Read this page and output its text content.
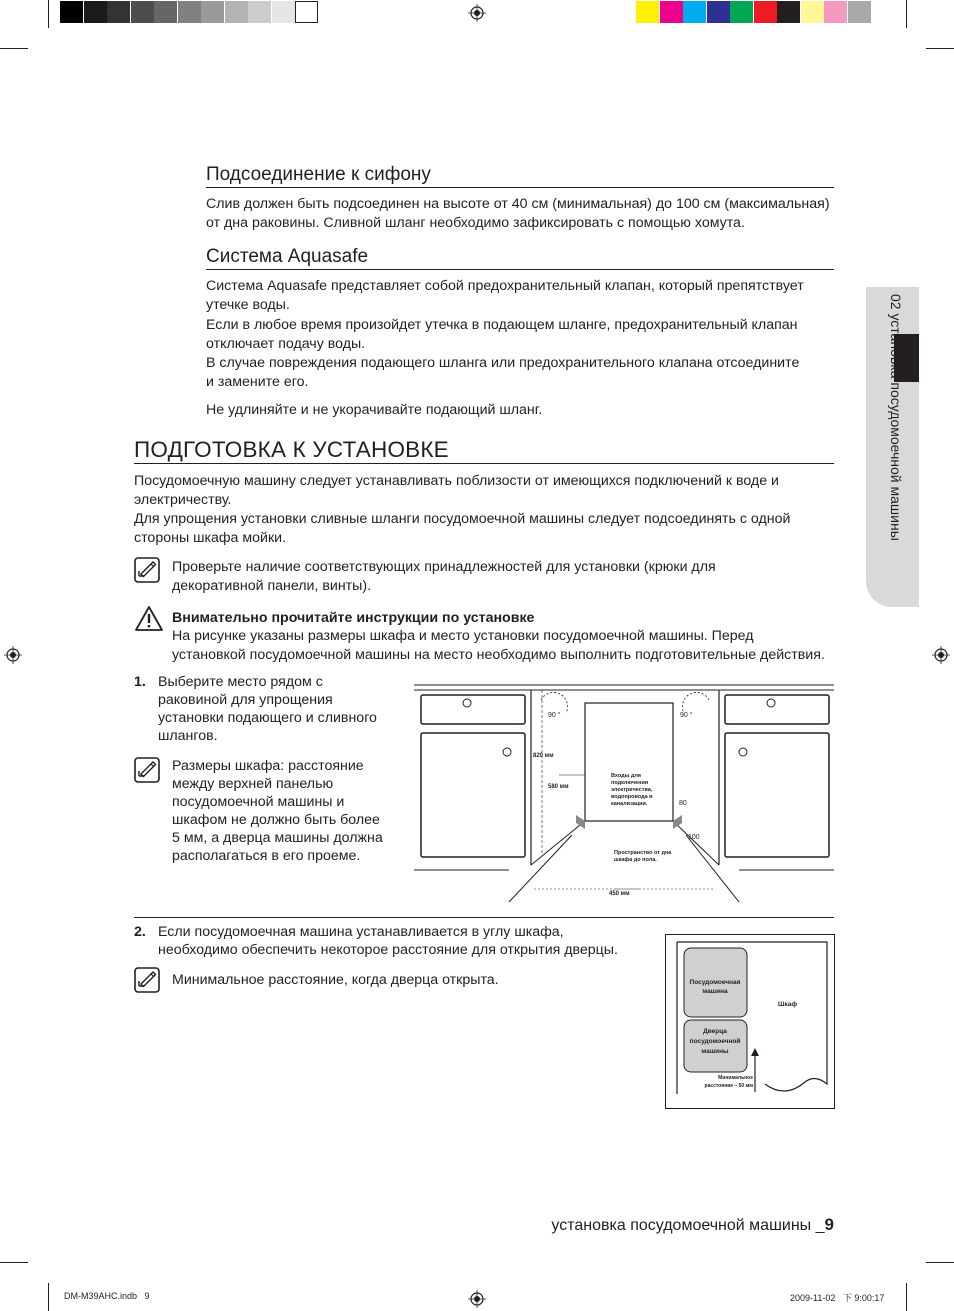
02 установка посудомоечной машины
Подсоединение к сифону

Слив должен быть подсоединен на высоте от 40 см (минимальная) до 100 см (максимальная)

от дна раковины. Сливной шланг необходимо зафиксировать с помощью хомута.

Система Aquasafe

Система Aquasafe представляет собой предохранительный клапан, который препятствует

утечке воды.

Если в любое время произойдет утечка в подающем шланге, предохранительный клапан

отключает подачу воды.

В случае повреждения подающего шланга или предохранительного клапана отсоедините

и замените его.

Не удлиняйте и не укорачивайте подающий шланг.

ПОДГОТОВКА К УСТАНОВКЕ

Посудомоечную машину следует устанавливать поблизости от имеющихся подключений к воде и

электричеству.

Для упрощения установки сливные шланги посудомоечной машины следует подсоединять с одной

стороны шкафа мойки.

Проверьте наличие соответствующих принадлежностей для установки (крюки для

декоративной панели, винты).

Внимательно прочитайте инструкции по установке

На рисунке указаны размеры шкафа и место установки посудомоечной машины. Перед

установкой посудомоечной машины на место необходимо выполнить подготовительные действия.

1. Выберите место рядом с

раковиной для упрощения

установки подающего и сливного

шлангов.

Размеры шкафа: расстояние

между верхней панелью

посудомоечной машины и

шкафом не должно быть более

5 мм, а дверца машины должна

располагаться в его проеме.

90 °	90 °
820 мм
580 мм
Входы для
подключения
электричества,
водопровода и
канализации.	80
100
Пространство от дна
шкафа до пола.
450 мм

2. Если посудомоечная машина устанавливается в углу шкафа,

необходимо обеспечить некоторое расстояние для открытия дверцы.

Минимальное расстояние, когда дверца открыта.	Посудомоечная
машина
Шкаф
Дверца
посудомоечной
машины
Минимальное
расстояние – 50 мм
установка посудомоечной машины _9
DM-M39AHC.indb   9	2009-11-02   下 9:00:17
